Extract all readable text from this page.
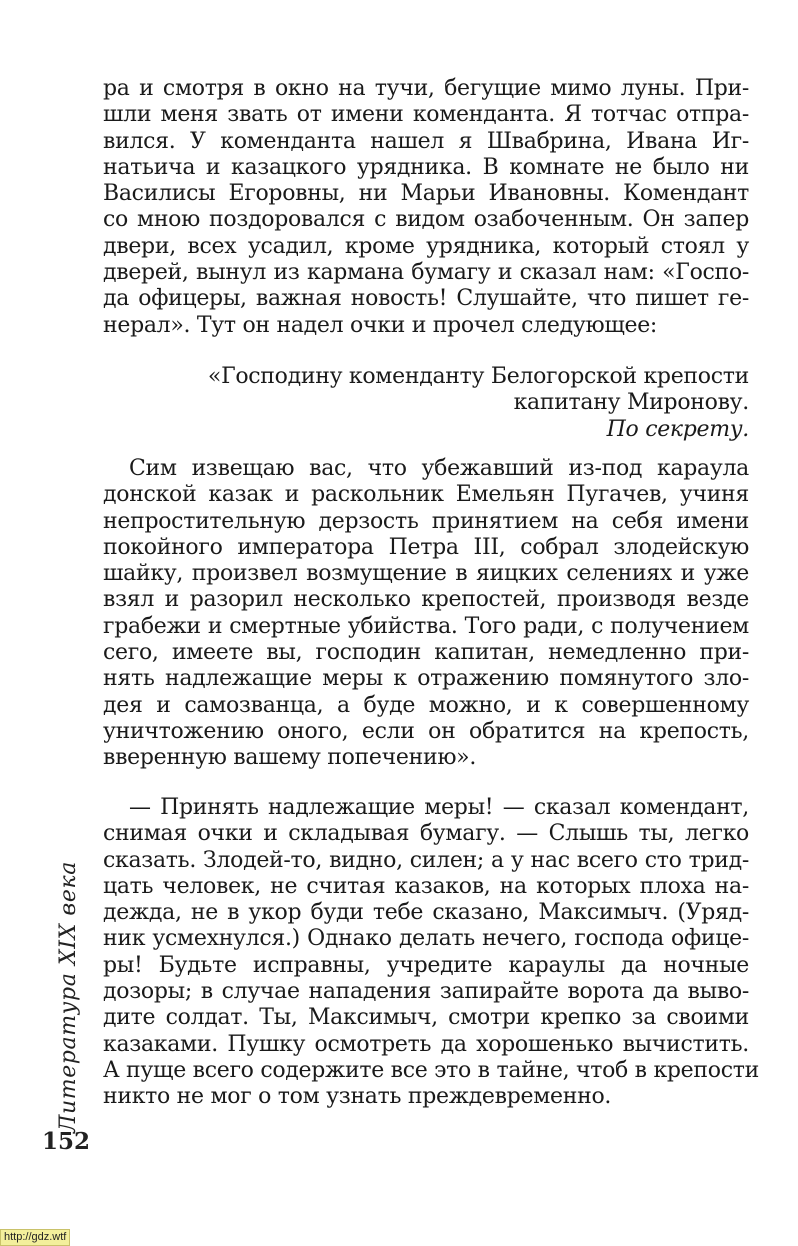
ра и смотря в окно на тучи, бегущие мимо луны. При-
шли меня звать от имени коменданта. Я тотчас отпра-
вился. У коменданта нашел я Швабрина, Ивана Иг-
натьича и казацкого урядника. В комнате не было ни
Василисы Егоровны, ни Марьи Ивановны. Комендант
со мною поздоровался с видом озабоченным. Он запер
двери, всех усадил, кроме урядника, который стоял у
дверей, вынул из кармана бумагу и сказал нам: «Госпо-
да офицеры, важная новость! Слушайте, что пишет ге-
нерал». Тут он надел очки и прочел следующее:
«Господину коменданту Белогорской крепости
капитану Миронову.
По секрету.
Сим извещаю вас, что убежавший из-под караула
донской казак и раскольник Емельян Пугачев, учиня
непростительную дерзость принятием на себя имени
покойного императора Петра III, собрал злодейскую
шайку, произвел возмущение в яицких селениях и уже
взял и разорил несколько крепостей, производя везде
грабежи и смертные убийства. Того ради, с получением
сего, имеете вы, господин капитан, немедленно при-
нять надлежащие меры к отражению помянутого зло-
дея и самозванца, а буде можно, и к совершенному
уничтожению оного, если он обратится на крепость,
вверенную вашему попечению».
— Принять надлежащие меры! — сказал комендант,
снимая очки и складывая бумагу. — Слышь ты, легко
сказать. Злодей-то, видно, силен; а у нас всего сто трид-
цать человек, не считая казаков, на которых плоха на-
дежда, не в укор буди тебе сказано, Максимыч. (Уряд-
ник усмехнулся.) Однако делать нечего, господа офице-
ры! Будьте исправны, учредите караулы да ночные
дозоры; в случае нападения запирайте ворота да выво-
дите солдат. Ты, Максимыч, смотри крепко за своими
казаками. Пушку осмотреть да хорошенько вычистить.
А пуще всего содержите все это в тайне, чтоб в крепости
никто не мог о том узнать преждевременно.
Литература XIX века
152
http://gdz.wtf
